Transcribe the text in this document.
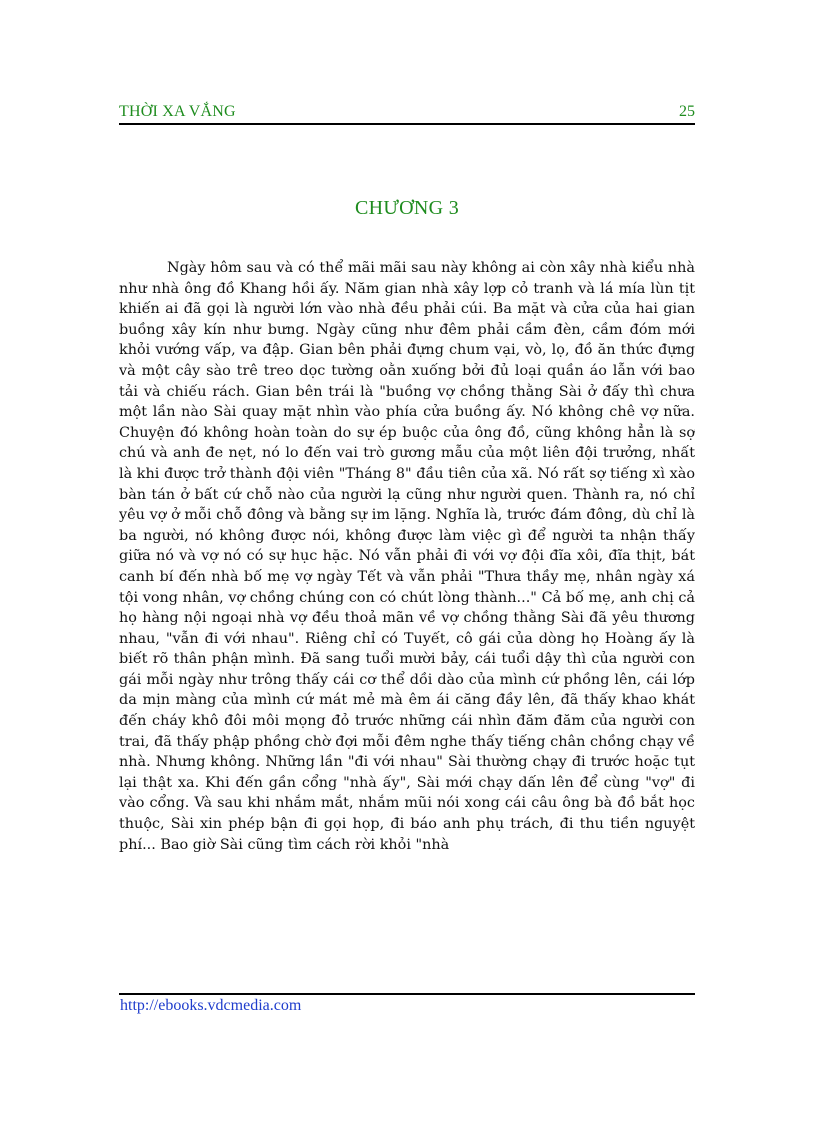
THỜI XA VẮNG	25
CHƯƠNG 3

Ngày hôm sau và có thể mãi mãi sau này không ai còn xây nhà kiểu nhà như nhà ông đồ Khang hồi ấy. Năm gian nhà xây lợp cỏ tranh và lá mía lùn tịt khiến ai đã gọi là người lớn vào nhà đều phải cúi. Ba mặt và cửa của hai gian buồng xây kín như bưng. Ngày cũng như đêm phải cầm đèn, cầm đóm mới khỏi vướng vấp, va đập. Gian bên phải đựng chum vại, vò, lọ, đồ ăn thức đựng và một cây sào trê treo dọc tường oằn xuống bởi đủ loại quần áo lẫn với bao tải và chiếu rách. Gian bên trái là "buồng vợ chồng thằng Sài ở đấy thì chưa một lần nào Sài quay mặt nhìn vào phía cửa buồng ấy. Nó không chê vợ nữa. Chuyện đó không hoàn toàn do sự ép buộc của ông đồ, cũng không hẳn là sợ chú và anh đe nẹt, nó lo đến vai trò gương mẫu của một liên đội trưởng, nhất là khi được trở thành đội viên "Tháng 8" đầu tiên của xã. Nó rất sợ tiếng xì xào bàn tán ở bất cứ chỗ nào của người lạ cũng như người quen. Thành ra, nó chỉ yêu vợ ở mỗi chỗ đông và bằng sự im lặng. Nghĩa là, trước đám đông, dù chỉ là ba người, nó không được nói, không được làm việc gì để người ta nhận thấy giữa nó và vợ nó có sự hục hặc. Nó vẫn phải đi với vợ đội đĩa xôi, đĩa thịt, bát canh bí đến nhà bố mẹ vợ ngày Tết và vẫn phải "Thưa thầy mẹ, nhân ngày xá tội vong nhân, vợ chồng chúng con có chút lòng thành..." Cả bố mẹ, anh chị cả họ hàng nội ngoại nhà vợ đều thoả mãn về vợ chồng thằng Sài đã yêu thương nhau, "vẫn đi với nhau". Riêng chỉ có Tuyết, cô gái của dòng họ Hoàng ấy là biết rõ thân phận mình. Đã sang tuổi mười bảy, cái tuổi dậy thì của người con gái mỗi ngày như trông thấy cái cơ thể dồi dào của mình cứ phồng lên, cái lớp da mịn màng của mình cứ mát mẻ mà êm ái căng đầy lên, đã thấy khao khát đến cháy khô đôi môi mọng đỏ trước những cái nhìn đăm đăm của người con trai, đã thấy phập phồng chờ đợi mỗi đêm nghe thấy tiếng chân chồng chạy về nhà. Nhưng không. Những lần "đi với nhau" Sài thường chạy đi trước hoặc tụt lại thật xa. Khi đến gần cổng "nhà ấy", Sài mới chạy dấn lên để cùng "vợ" đi vào cổng. Và sau khi nhắm mắt, nhắm mũi nói xong cái câu ông bà đồ bắt học thuộc, Sài xin phép bận đi gọi họp, đi báo anh phụ trách, đi thu tiền nguyệt phí... Bao giờ Sài cũng tìm cách rời khỏi "nhà

http://ebooks.vdcmedia.com
